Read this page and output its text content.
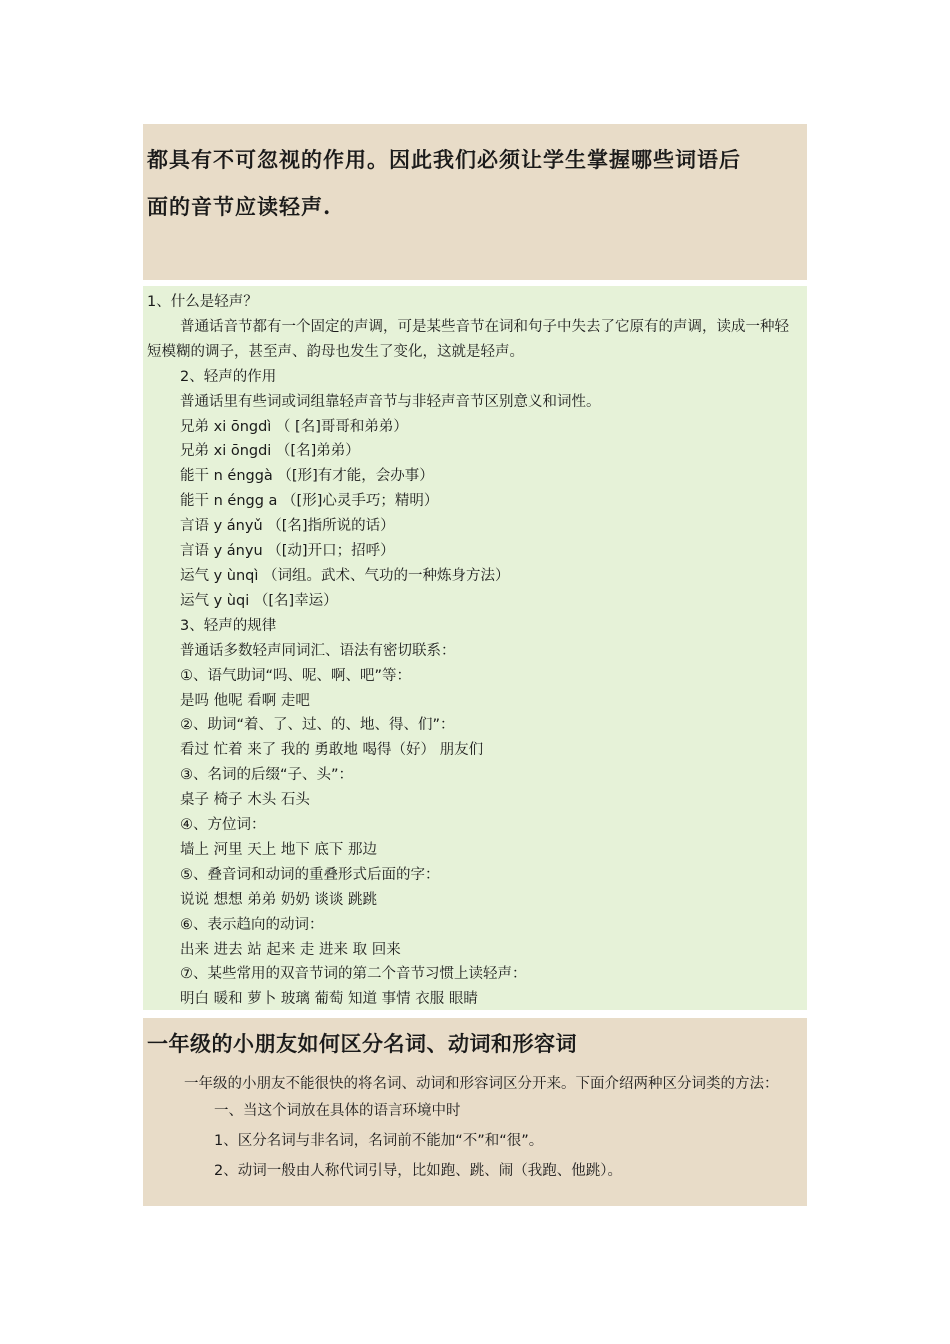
都具有不可忽视的作用。因此我们必须让学生掌握哪些词语后

面的音节应读轻声.

1、什么是轻声？

普通话音节都有一个固定的声调，可是某些音节在词和句子中失去了它原有的声调，读成一种轻短模糊的调子，甚至声、韵母也发生了变化，这就是轻声。

2、轻声的作用

普通话里有些词或词组靠轻声音节与非轻声音节区别意义和词性。

兄弟 xi ōngdì （ [名]哥哥和弟弟）

兄弟 xi ōngdi （[名]弟弟）

能干 n énggà （[形]有才能，会办事）

能干 n éngg a （[形]心灵手巧；精明）

言语 y ányǔ （[名]指所说的话）

言语 y ányu （[动]开口；招呼）

运气 y ùnqì （词组。武术、气功的一种炼身方法）

运气 y ùqi （[名]幸运）

3、轻声的规律

普通话多数轻声同词汇、语法有密切联系：

①、语气助词“吗、呢、啊、吧”等：

是吗 他呢 看啊 走吧

②、助词“着、了、过、的、地、得、们”：

看过 忙着 来了 我的 勇敢地 喝得（好） 朋友们

③、名词的后缀“子、头”：

桌子 椅子 木头 石头

④、方位词：

墙上 河里 天上 地下 底下 那边

⑤、叠音词和动词的重叠形式后面的字：

说说 想想 弟弟 奶奶 谈谈 跳跳

⑥、表示趋向的动词：

出来 进去 站 起来 走 进来 取 回来

⑦、某些常用的双音节词的第二个音节习惯上读轻声：

明白 暖和 萝卜 玻璃 葡萄 知道 事情 衣服 眼睛

一年级的小朋友如何区分名词、动词和形容词

一年级的小朋友不能很快的将名词、动词和形容词区分开来。下面介绍两种区分词类的方法：

一、当这个词放在具体的语言环境中时

1、区分名词与非名词，名词前不能加“不”和“很”。

2、动词一般由人称代词引导，比如跑、跳、闹（我跑、他跳）。
